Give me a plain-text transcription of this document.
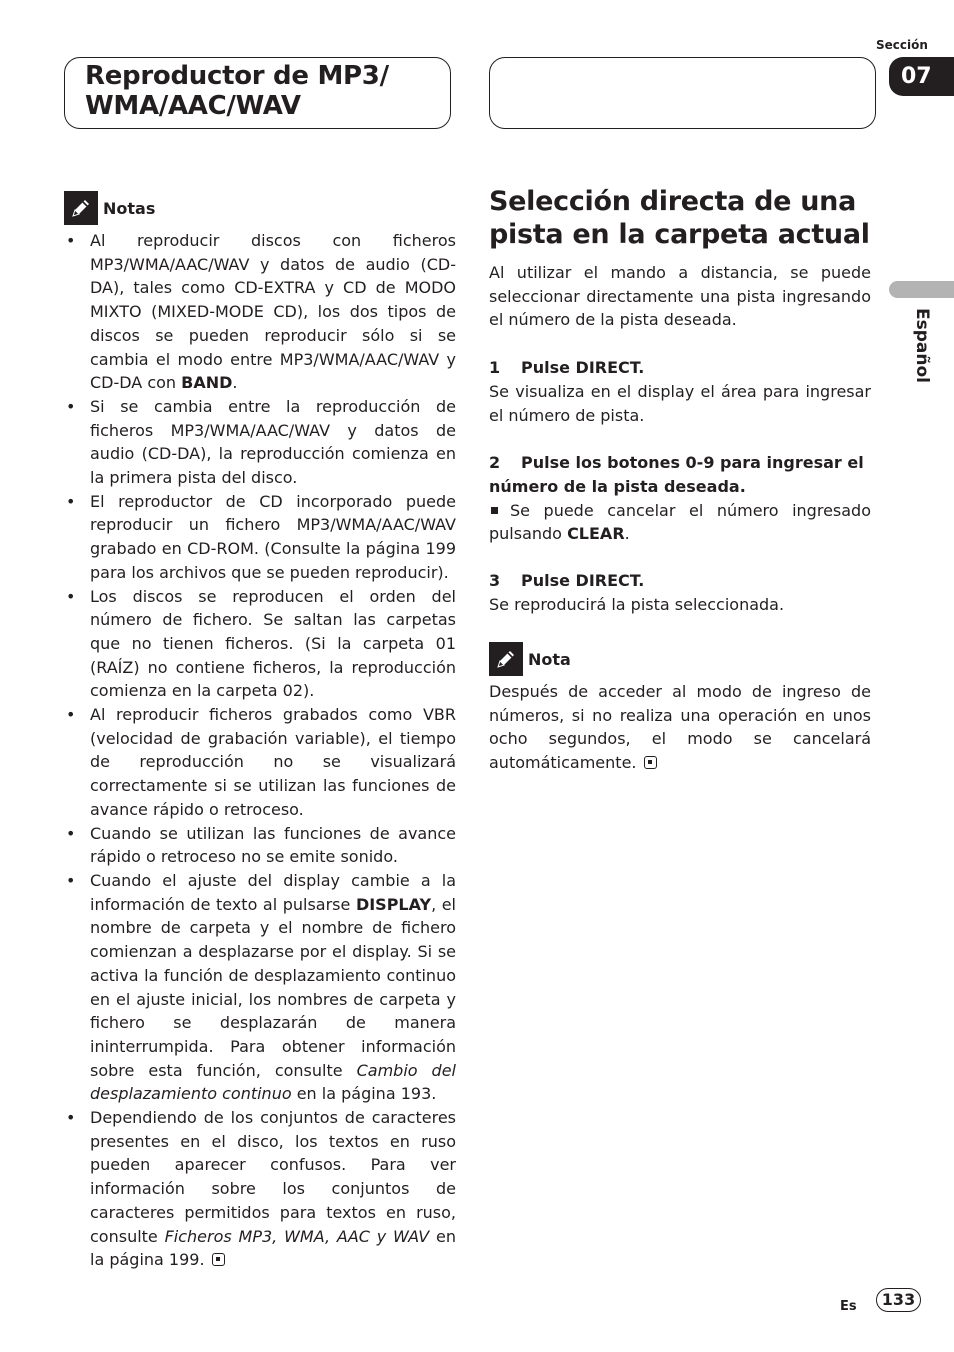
Reproductor de MP3/
WMA/AAC/WAV
Sección
07
Español
Notas
• Al reproducir discos con ficheros MP3/WMA/AAC/WAV y datos de audio (CD-DA), tales como CD-EXTRA y CD de MODO MIXTO (MIXED-MODE CD), los dos tipos de discos se pueden reproducir sólo si se cambia el modo entre MP3/WMA/AAC/WAV y CD-DA con BAND.
• Si se cambia entre la reproducción de ficheros MP3/WMA/AAC/WAV y datos de audio (CD-DA), la reproducción comienza en la primera pista del disco.
• El reproductor de CD incorporado puede reproducir un fichero MP3/WMA/AAC/WAV grabado en CD-ROM. (Consulte la página 199 para los archivos que se pueden reproducir).
• Los discos se reproducen el orden del número de fichero. Se saltan las carpetas que no tienen ficheros. (Si la carpeta 01 (RAÍZ) no contiene ficheros, la reproducción comienza en la carpeta 02).
• Al reproducir ficheros grabados como VBR (velocidad de grabación variable), el tiempo de reproducción no se visualizará correctamente si se utilizan las funciones de avance rápido o retroceso.
• Cuando se utilizan las funciones de avance rápido o retroceso no se emite sonido.
• Cuando el ajuste del display cambie a la información de texto al pulsarse DISPLAY, el nombre de carpeta y el nombre de fichero comienzan a desplazarse por el display. Si se activa la función de desplazamiento continuo en el ajuste inicial, los nombres de carpeta y fichero se desplazarán de manera ininterrumpida. Para obtener información sobre esta función, consulte Cambio del desplazamiento continuo en la página 193.
• Dependiendo de los conjuntos de caracteres presentes en el disco, los textos en ruso pueden aparecer confusos. Para ver información sobre los conjuntos de caracteres permitidos para textos en ruso, consulte Ficheros MP3, WMA, AAC y WAV en la página 199.
Selección directa de una pista en la carpeta actual

Al utilizar el mando a distancia, se puede seleccionar directamente una pista ingresando el número de la pista deseada.

1 Pulse DIRECT.

Se visualiza en el display el área para ingresar el número de pista.

2	Pulse los botones 0-9 para ingresar el número de la pista deseada.

Se puede cancelar el número ingresado pulsando CLEAR.

3 Pulse DIRECT.

Se reproducirá la pista seleccionada.

Nota

Después de acceder al modo de ingreso de números, si no realiza una operación en unos ocho segundos, el modo se cancelará automáticamente.

Es	133
